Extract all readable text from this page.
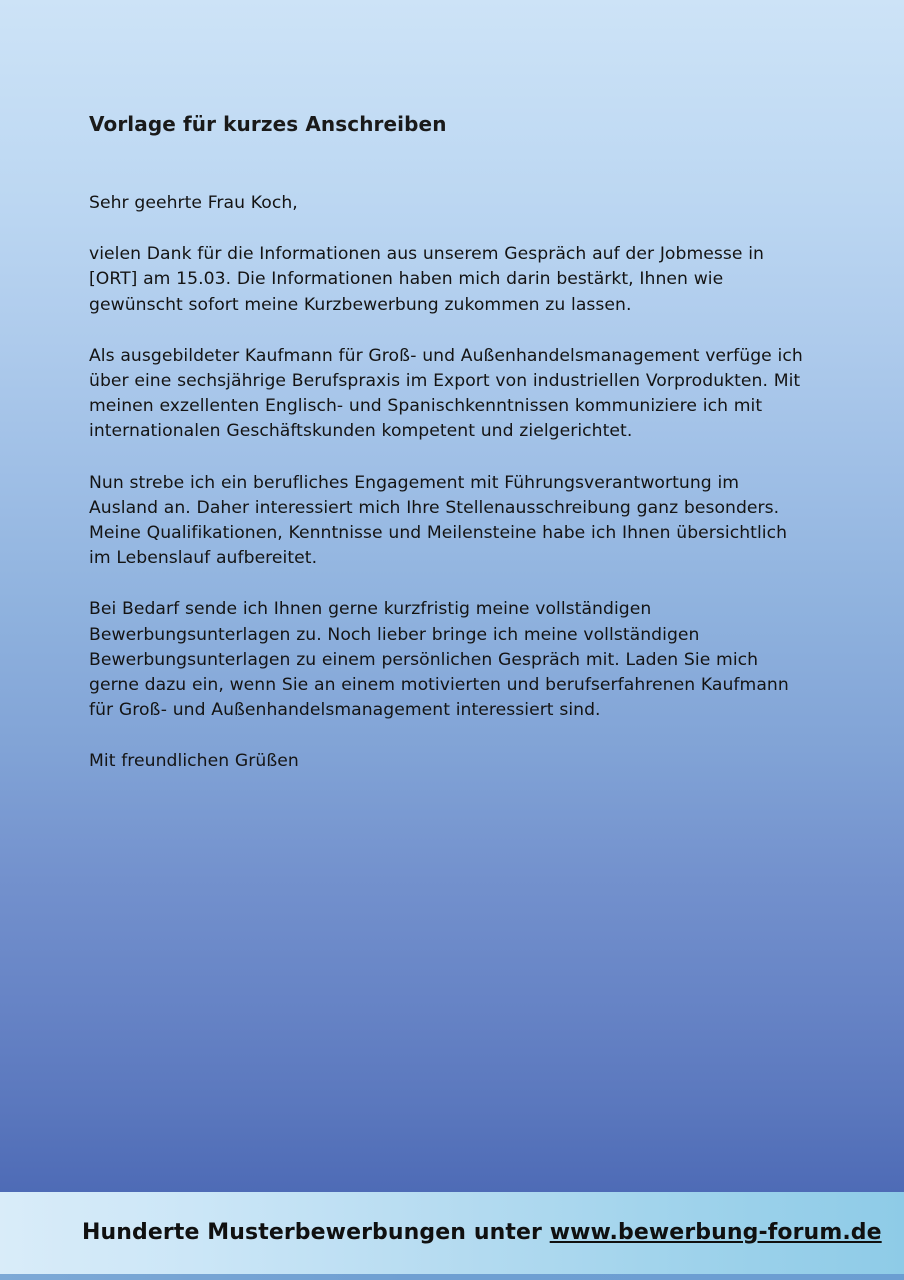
Vorlage für kurzes Anschreiben

Sehr geehrte Frau Koch,

vielen Dank für die Informationen aus unserem Gespräch auf der Jobmesse in [ORT] am 15.03. Die Informationen haben mich darin bestärkt, Ihnen wie gewünscht sofort meine Kurzbewerbung zukommen zu lassen.

Als ausgebildeter Kaufmann für Groß- und Außenhandelsmanagement verfüge ich über eine sechsjährige Berufspraxis im Export von industriellen Vorprodukten. Mit meinen exzellenten Englisch- und Spanischkenntnissen kommuniziere ich mit internationalen Geschäftskunden kompetent und zielgerichtet.

Nun strebe ich ein berufliches Engagement mit Führungsverantwortung im Ausland an. Daher interessiert mich Ihre Stellenausschreibung ganz besonders. Meine Qualifikationen, Kenntnisse und Meilensteine habe ich Ihnen übersichtlich im Lebenslauf aufbereitet.

Bei Bedarf sende ich Ihnen gerne kurzfristig meine vollständigen Bewerbungsunterlagen zu. Noch lieber bringe ich meine vollständigen Bewerbungsunterlagen zu einem persönlichen Gespräch mit. Laden Sie mich gerne dazu ein, wenn Sie an einem motivierten und berufserfahrenen Kaufmann für Groß- und Außenhandelsmanagement interessiert sind.

Mit freundlichen Grüßen

Hunderte Musterbewerbungen unter www.bewerbung-forum.de
